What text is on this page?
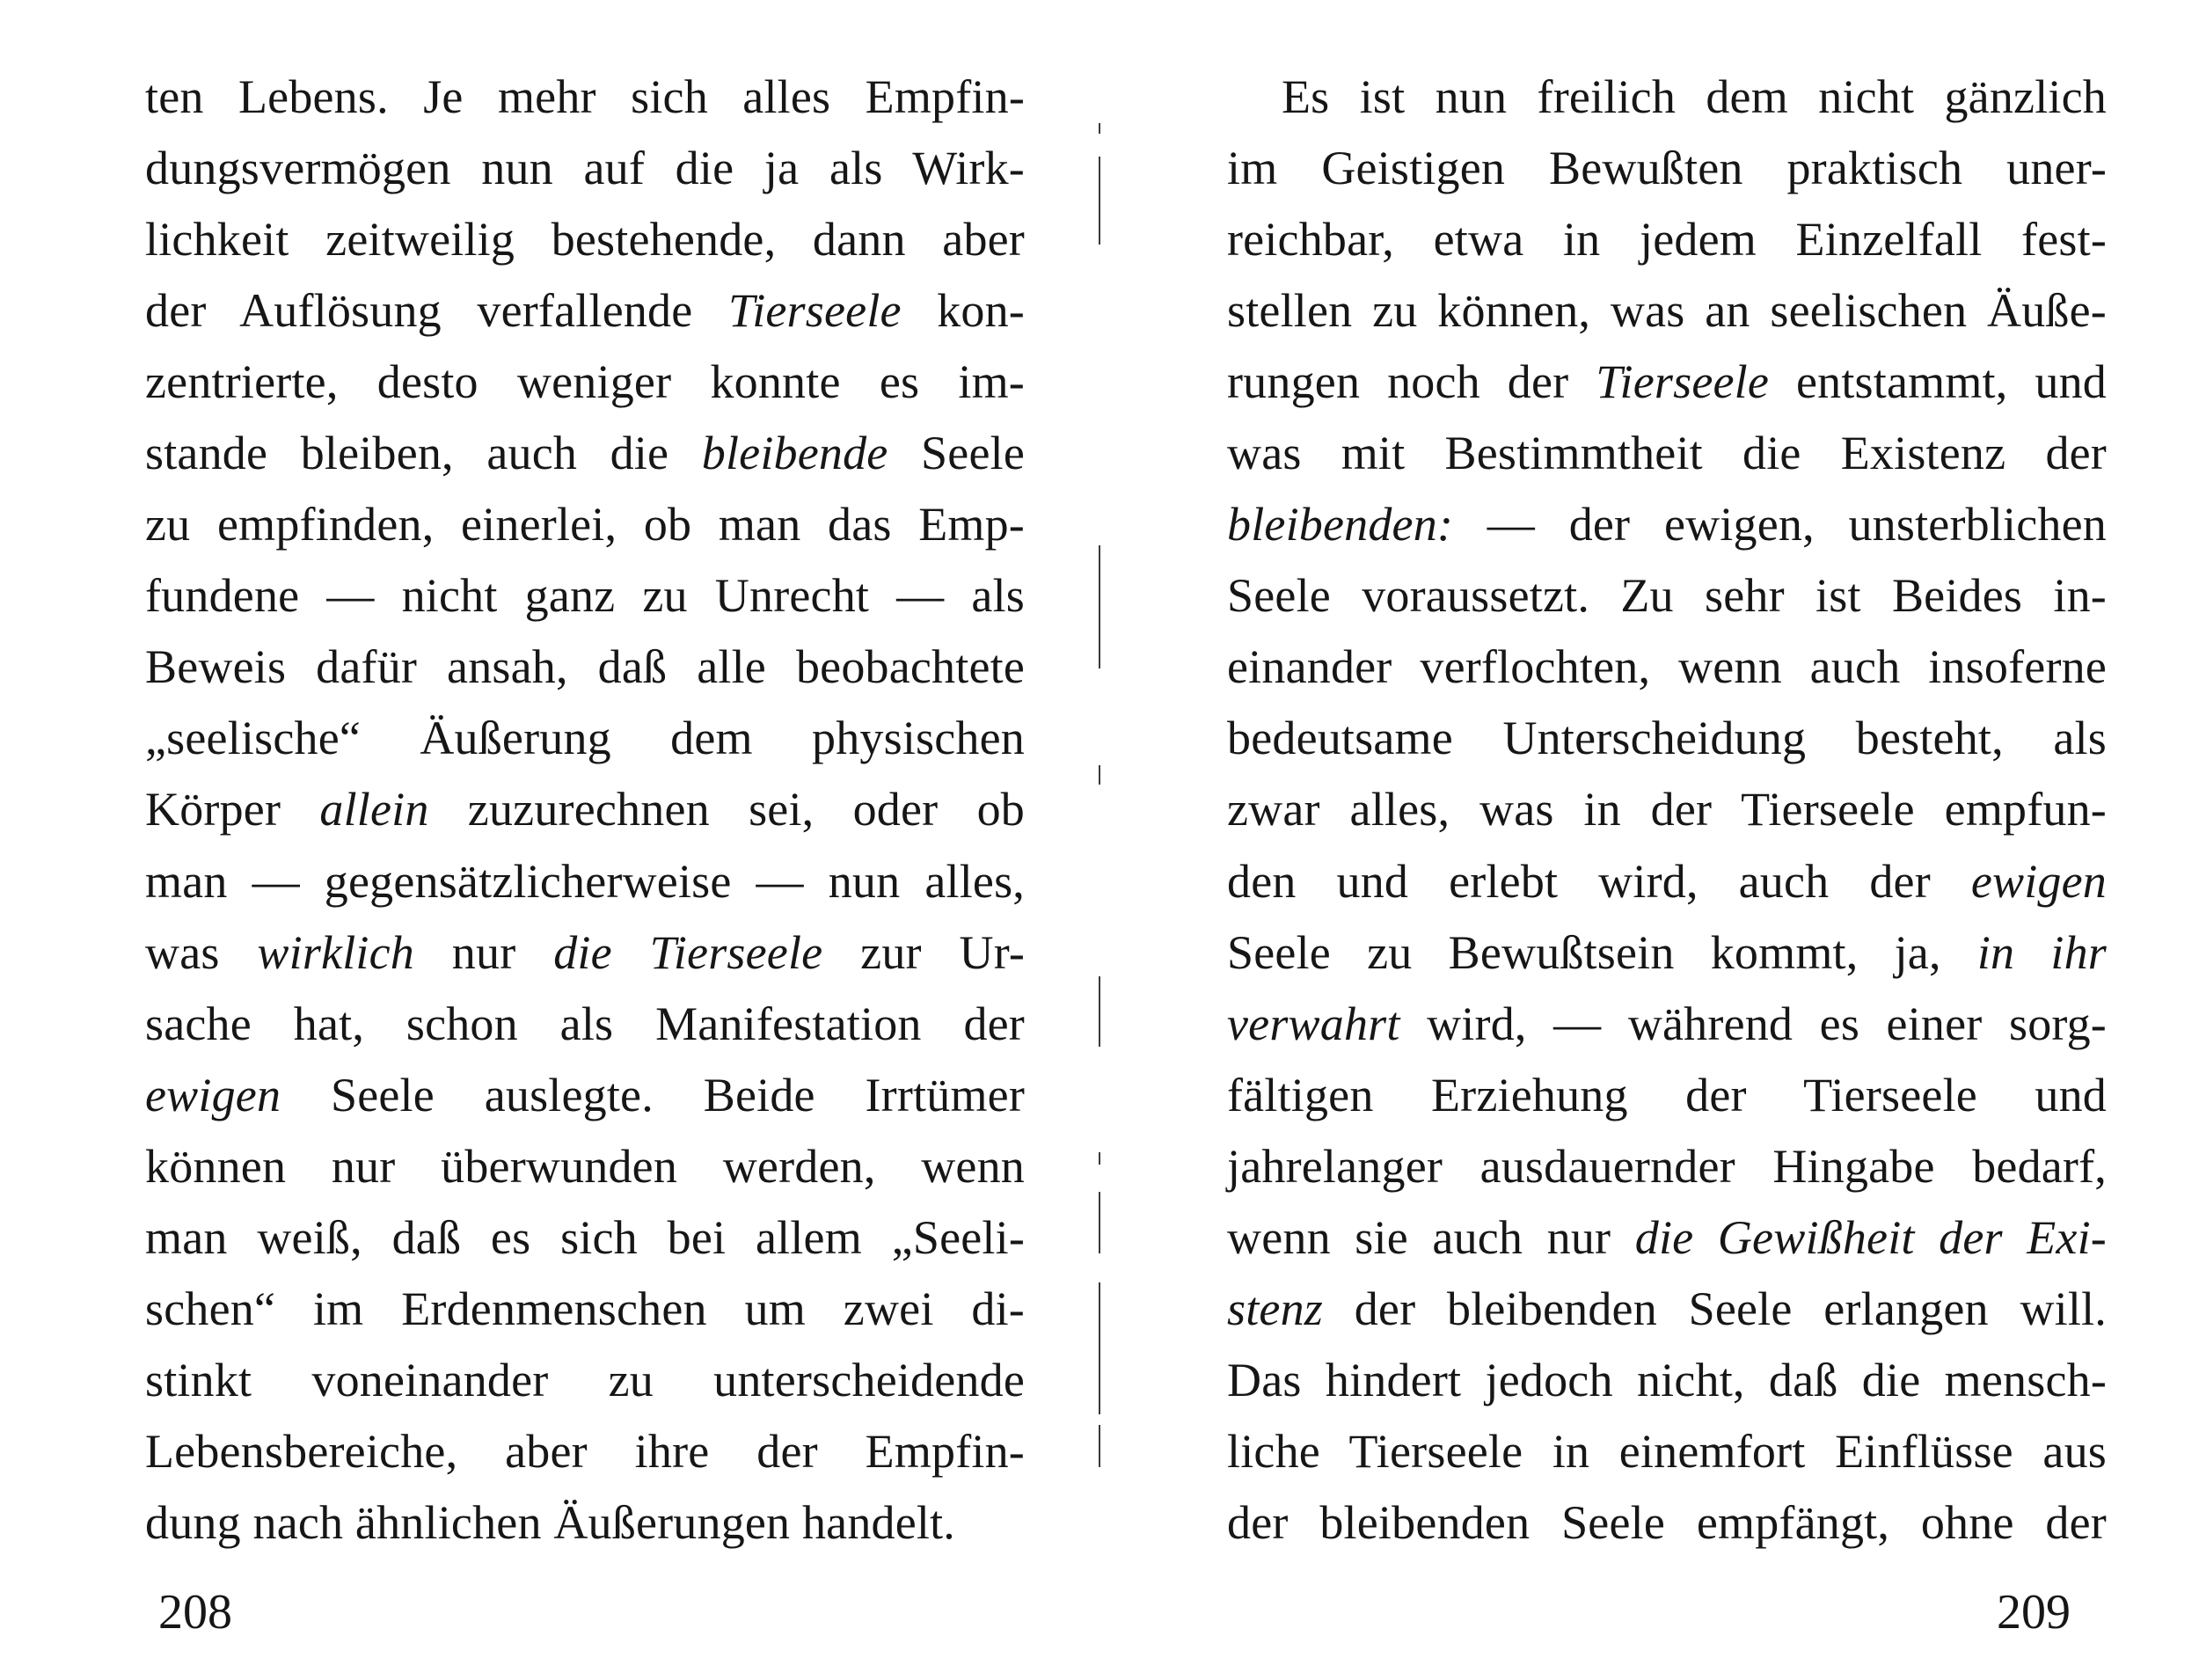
ten Lebens. Je mehr sich alles Empfin-
dungsvermögen nun auf die ja als Wirk-
lichkeit zeitweilig bestehende, dann aber
der Auflösung verfallende Tierseele kon-
zentrierte, desto weniger konnte es im-
stande bleiben, auch die bleibende Seele
zu empfinden, einerlei, ob man das Emp-
fundene — nicht ganz zu Unrecht — als
Beweis dafür ansah, daß alle beobachtete
„seelische“ Äußerung dem physischen
Körper allein zuzurechnen sei, oder ob
man — gegensätzlicherweise — nun alles,
was wirklich nur die Tierseele zur Ur-
sache hat, schon als Manifestation der
ewigen Seele auslegte. Beide Irrtümer
können nur überwunden werden, wenn
man weiß, daß es sich bei allem „Seeli-
schen“ im Erdenmenschen um zwei di-
stinkt voneinander zu unterscheidende
Lebensbereiche, aber ihre der Empfin-
dung nach ähnlichen Äußerungen handelt.
208
Es ist nun freilich dem nicht gänzlich
im Geistigen Bewußten praktisch uner-
reichbar, etwa in jedem Einzelfall fest-
stellen zu können, was an seelischen Äuße-
rungen noch der Tierseele entstammt, und
was mit Bestimmtheit die Existenz der
bleibenden: — der ewigen, unsterblichen
Seele voraussetzt. Zu sehr ist Beides in-
einander verflochten, wenn auch insoferne
bedeutsame Unterscheidung besteht, als
zwar alles, was in der Tierseele empfun-
den und erlebt wird, auch der ewigen
Seele zu Bewußtsein kommt, ja, in ihr
verwahrt wird, — während es einer sorg-
fältigen Erziehung der Tierseele und
jahrelanger ausdauernder Hingabe bedarf,
wenn sie auch nur die Gewißheit der Exi-
stenz der bleibenden Seele erlangen will.
Das hindert jedoch nicht, daß die mensch-
liche Tierseele in einemfort Einflüsse aus
der bleibenden Seele empfängt, ohne der
209
